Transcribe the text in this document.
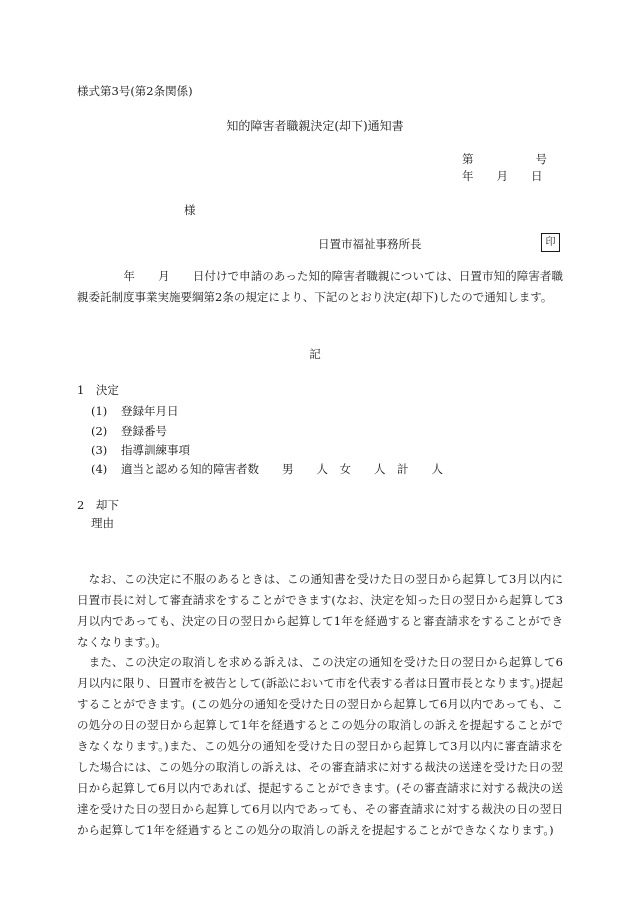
様式第3号(第2条関係)
知的障害者職親決定(却下)通知書
第	号
年 月 日
様
日置市福祉事務所長	印
　　　　年　　月　　日付けで申請のあった知的障害者職親については、日置市知的障害者職親委託制度事業実施要綱第2条の規定により、下記のとおり決定(却下)したので通知します。
記
1　決定
(1) 登録年月日
(2) 登録番号
(3) 指導訓練事項
(4) 適当と認める知的障害者数　　男　　人　女　　人　計　　人
2　却下
理由
　なお、この決定に不服のあるときは、この通知書を受けた日の翌日から起算して3月以内に日置市長に対して審査請求をすることができます(なお、決定を知った日の翌日から起算して3月以内であっても、決定の日の翌日から起算して1年を経過すると審査請求をすることができなくなります。)。
　また、この決定の取消しを求める訴えは、この決定の通知を受けた日の翌日から起算して6月以内に限り、日置市を被告として(訴訟において市を代表する者は日置市長となります。)提起することができます。(この処分の通知を受けた日の翌日から起算して6月以内であっても、この処分の日の翌日から起算して1年を経過するとこの処分の取消しの訴えを提起することができなくなります。)また、この処分の通知を受けた日の翌日から起算して3月以内に審査請求をした場合には、この処分の取消しの訴えは、その審査請求に対する裁決の送達を受けた日の翌日から起算して6月以内であれば、提起することができます。(その審査請求に対する裁決の送達を受けた日の翌日から起算して6月以内であっても、その審査請求に対する裁決の日の翌日から起算して1年を経過するとこの処分の取消しの訴えを提起することができなくなります。)
